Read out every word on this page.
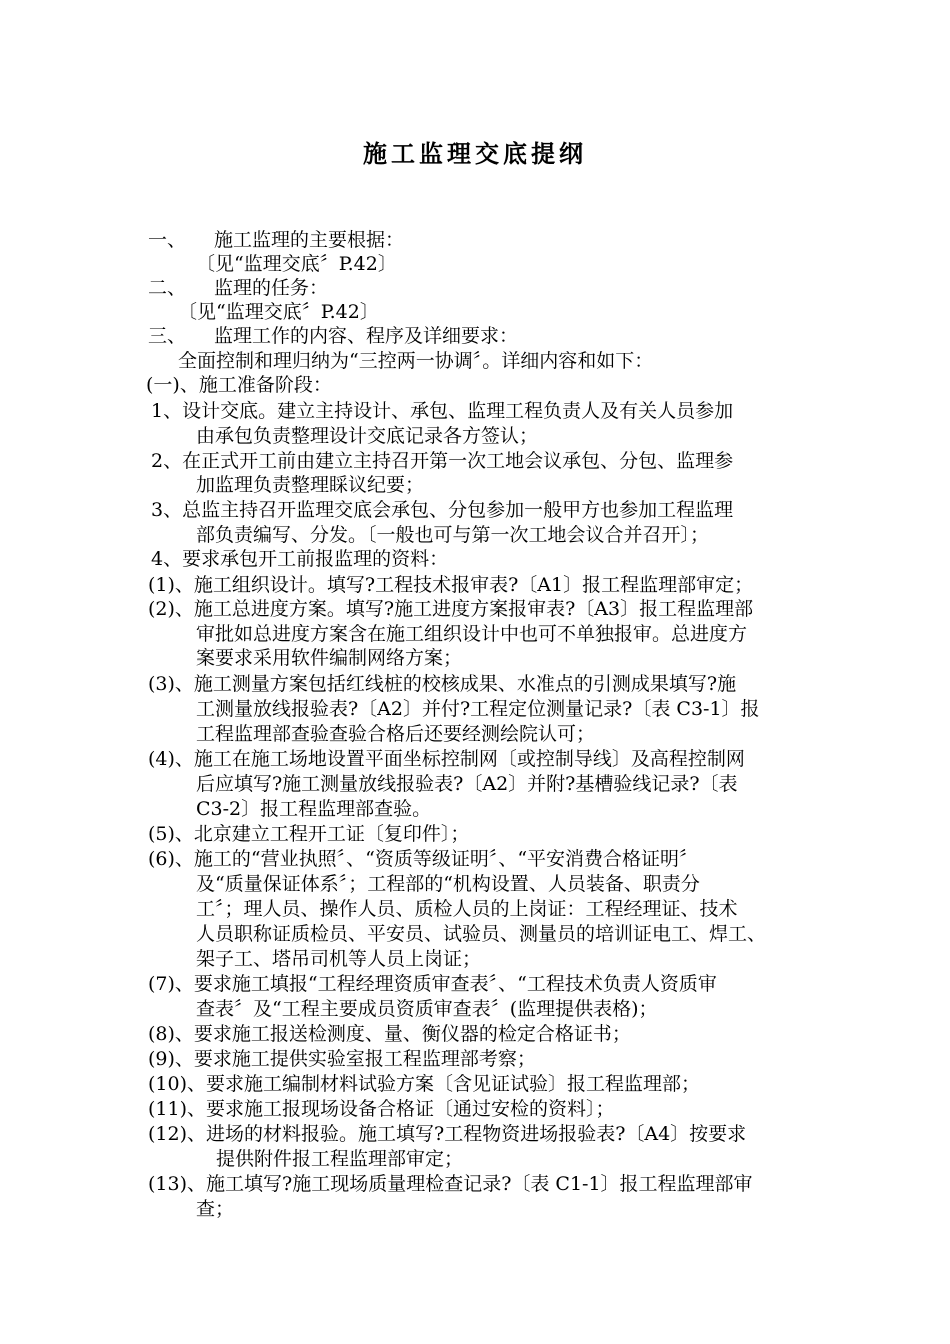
施工监理交底提纲
一、 施工监理的主要根据：
〔见“监理交底〞P.42〕
二、 监理的任务：
〔见“监理交底〞P.42〕
三、 监理工作的内容、程序及详细要求：
全面控制和理归纳为“三控两一协调〞。详细内容和如下：
(一)、施工准备阶段：
1、设计交底。建立主持设计、承包、监理工程负责人及有关人员参加
由承包负责整理设计交底记录各方签认；
2、在正式开工前由建立主持召开第一次工地会议承包、分包、监理参
加监理负责整理睬议纪要；
3、总监主持召开监理交底会承包、分包参加一般甲方也参加工程监理
部负责编写、分发。〔一般也可与第一次工地会议合并召开〕；
4、要求承包开工前报监理的资料：
(1)、施工组织设计。填写?工程技术报审表?〔A1〕报工程监理部审定；
(2)、施工总进度方案。填写?施工进度方案报审表?〔A3〕报工程监理部
审批如总进度方案含在施工组织设计中也可不单独报审。总进度方
案要求采用软件编制网络方案；
(3)、施工测量方案包括红线桩的校核成果、水准点的引测成果填写?施
工测量放线报验表?〔A2〕并付?工程定位测量记录?〔表 C3-1〕报
工程监理部查验查验合格后还要经测绘院认可；
(4)、施工在施工场地设置平面坐标控制网〔或控制导线〕及高程控制网
后应填写?施工测量放线报验表?〔A2〕并附?基槽验线记录?〔表
C3-2〕报工程监理部查验。
(5)、北京建立工程开工证〔复印件〕；
(6)、施工的“营业执照〞、“资质等级证明〞、“平安消费合格证明〞
及“质量保证体系〞；工程部的“机构设置、人员装备、职责分
工〞；理人员、操作人员、质检人员的上岗证：工程经理证、技术
人员职称证质检员、平安员、试验员、测量员的培训证电工、焊工、
架子工、塔吊司机等人员上岗证；
(7)、要求施工填报“工程经理资质审查表〞、“工程技术负责人资质审
查表〞及“工程主要成员资质审查表〞(监理提供表格)；
(8)、要求施工报送检测度、量、衡仪器的检定合格证书；
(9)、要求施工提供实验室报工程监理部考察；
(10)、要求施工编制材料试验方案〔含见证试验〕报工程监理部；
(11)、要求施工报现场设备合格证〔通过安检的资料〕；
(12)、进场的材料报验。施工填写?工程物资进场报验表?〔A4〕按要求
提供附件报工程监理部审定；
(13)、施工填写?施工现场质量理检查记录?〔表 C1-1〕报工程监理部审
查；
